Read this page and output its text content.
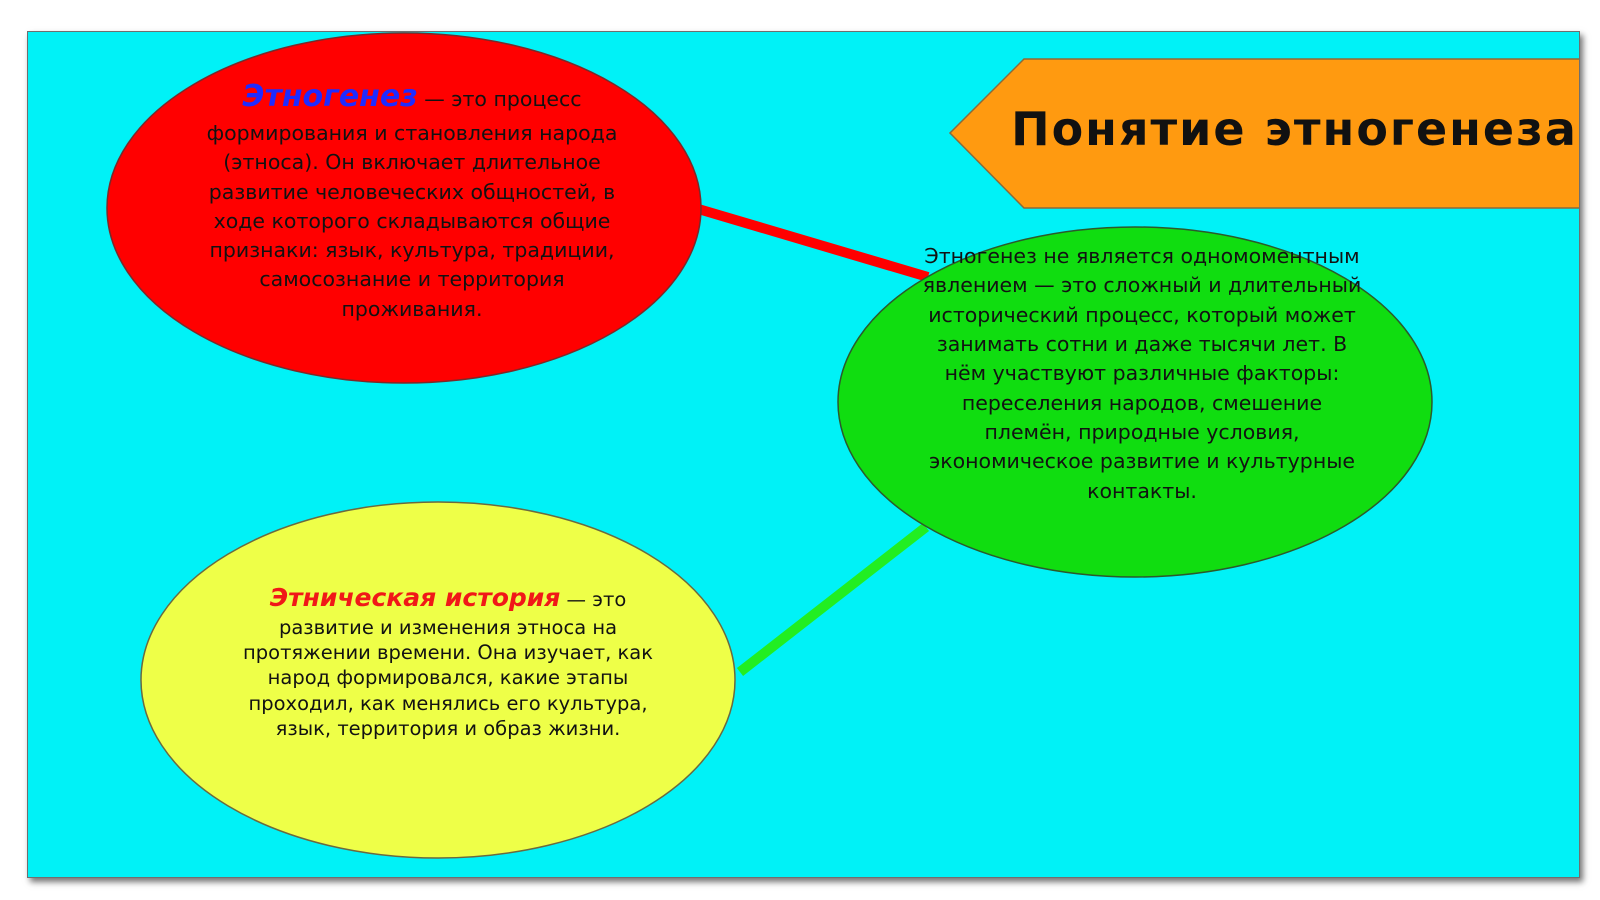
Понятие этногенеза
Этногенез — это процесс формирования и становления народа (этноса). Он включает длительное развитие человеческих общностей, в ходе которого складываются общие признаки: язык, культура, традиции, самосознание и территория проживания.
Этногенез не является одномоментным явлением — это сложный и длительный исторический процесс, который может занимать сотни и даже тысячи лет. В нём участвуют различные факторы: переселения народов, смешение племён, природные условия, экономическое развитие и культурные контакты.
Этническая история — это развитие и изменения этноса на протяжении времени. Она изучает, как народ формировался, какие этапы проходил, как менялись его культура, язык, территория и образ жизни.
